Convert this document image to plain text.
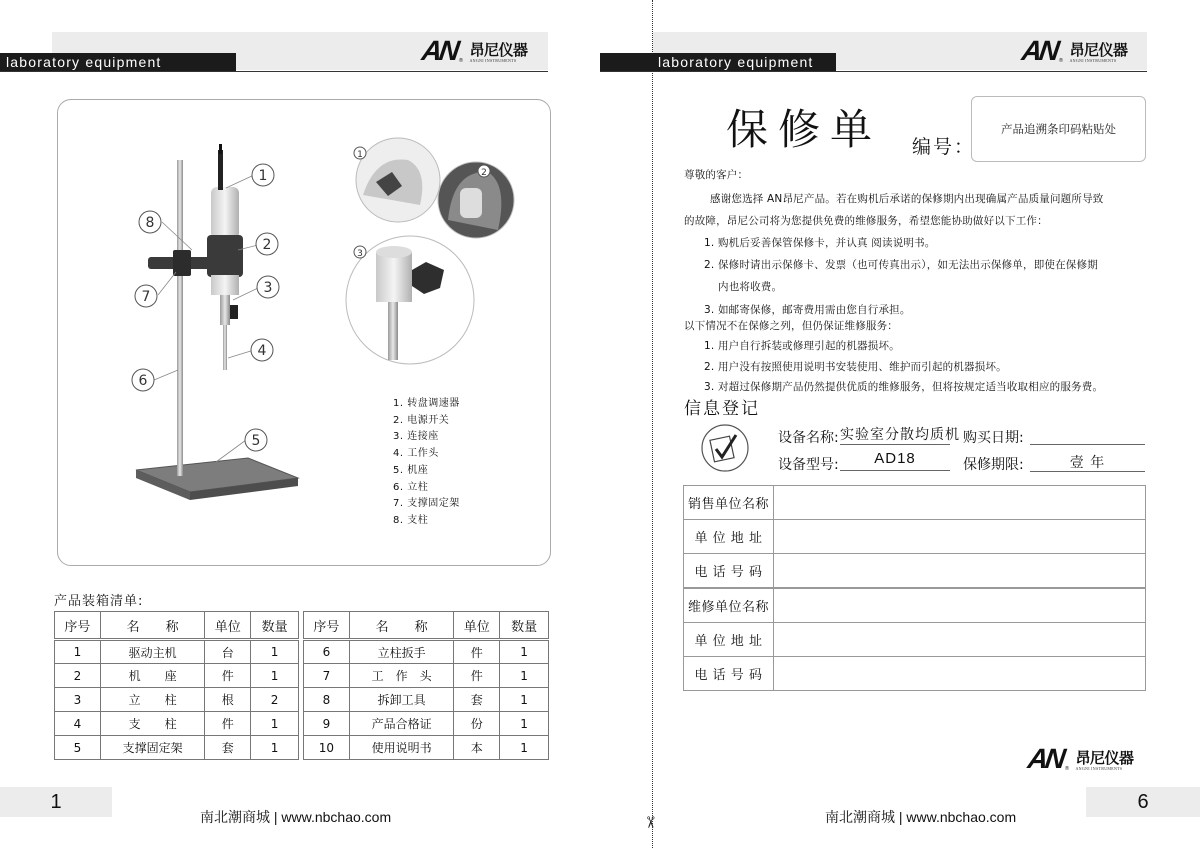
laboratory equipment	AN ®
昂尼仪器
ANGNI INSTRUMENTS
1
2
3
4
5
6
7
8
1
2
3
1. 转盘调速器
2. 电源开关
3. 连接座
4. 工作头
5. 机座
6. 立柱
7. 支撑固定架
8. 支柱
产品装箱清单:
序号	名　　称	单位	数量
1	驱动主机	台	1
2	机　　座	件	1
3	立　　柱	根	2
4	支　　柱	件	1
5	支撑固定架	套	1
序号	名　　称	单位	数量
6	立柱扳手	件	1
7	工　作　头	件	1
8	拆卸工具	套	1
9	产品合格证	份	1
10	使用说明书	本	1
1
南北潮商城 | www.nbchao.com	✂
laboratory equipment	AN ®
昂尼仪器
ANGNI INSTRUMENTS
保修单 编号：
产品追溯条印码粘贴处
尊敬的客户：
感谢您选择 AN昂尼产品。若在购机后承诺的保修期内出现确属产品质量问题所导致
的故障，昂尼公司将为您提供免费的维修服务，希望您能协助做好以下工作：
1. 购机后妥善保管保修卡，并认真 阅读说明书。
2. 保修时请出示保修卡、发票（也可传真出示），如无法出示保修单，即使在保修期
内也将收费。
3. 如邮寄保修，邮寄费用需由您自行承担。
以下情况不在保修之列，但仍保证维修服务：
1. 用户自行拆装或修理引起的机器损坏。
2. 用户没有按照使用说明书安装使用、维护而引起的机器损坏。
3. 对超过保修期产品仍然提供优质的维修服务，但将按规定适当收取相应的服务费。
信息登记
设备名称: 实验室分散均质机 购买日期:
设备型号:	AD18	保修期限:	壹 年
销售单位名称	
单 位 地 址	
电 话 号 码	
维修单位名称	
单 位 地 址	
电 话 号 码	
AN ®
昂尼仪器
ANGNI INSTRUMENTS
6
南北潮商城 | www.nbchao.com
